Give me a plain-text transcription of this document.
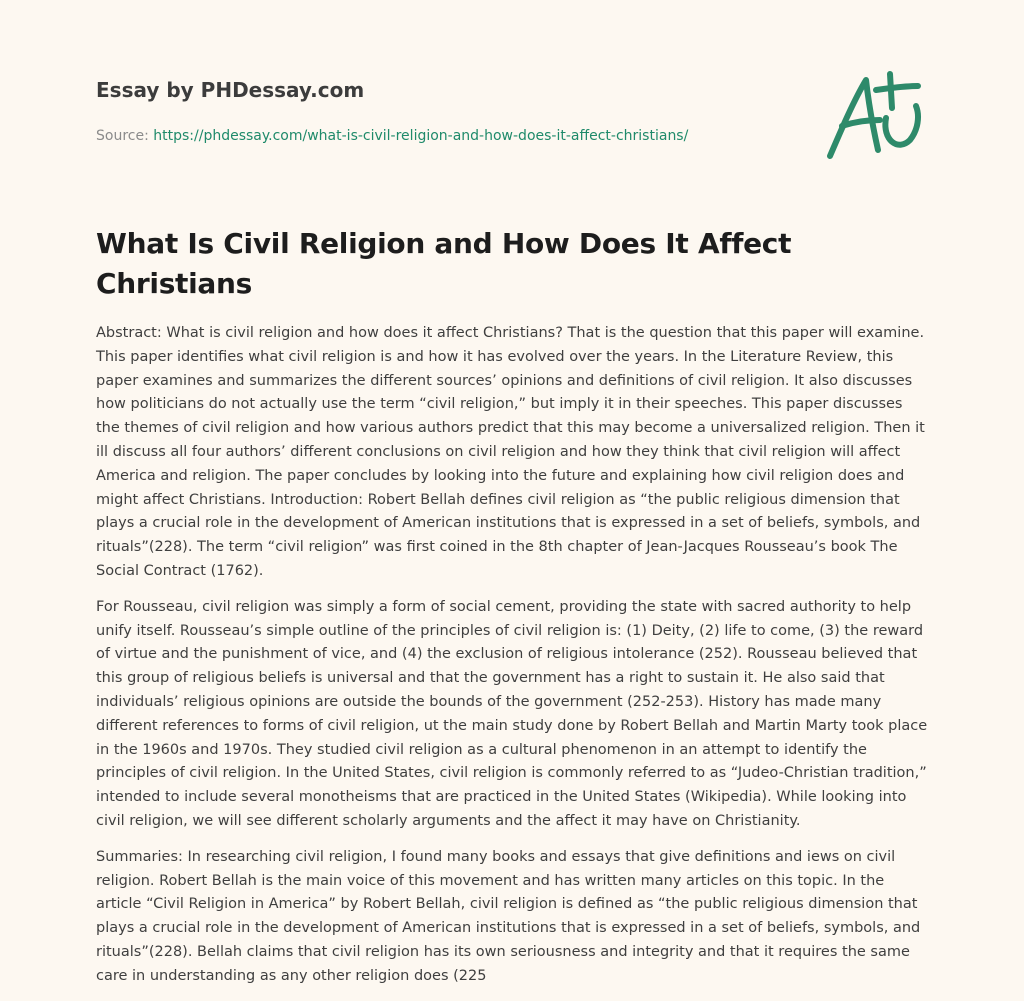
Essay by PHDessay.com
Source: https://phdessay.com/what-is-civil-religion-and-how-does-it-affect-christians/
What Is Civil Religion and How Does It Affect Christians

Abstract: What is civil religion and how does it affect Christians? That is the question that this paper will examine. This paper identifies what civil religion is and how it has evolved over the years. In the Literature Review, this paper examines and summarizes the different sources’ opinions and definitions of civil religion. It also discusses how politicians do not actually use the term “civil religion,” but imply it in their speeches. This paper discusses the themes of civil religion and how various authors predict that this may become a universalized religion. Then it ill discuss all four authors’ different conclusions on civil religion and how they think that civil religion will affect America and religion. The paper concludes by looking into the future and explaining how civil religion does and might affect Christians. Introduction: Robert Bellah defines civil religion as “the public religious dimension that plays a crucial role in the development of American institutions that is expressed in a set of beliefs, symbols, and rituals”(228). The term “civil religion” was first coined in the 8th chapter of Jean-Jacques Rousseau’s book The Social Contract (1762).

For Rousseau, civil religion was simply a form of social cement, providing the state with sacred authority to help unify itself. Rousseau’s simple outline of the principles of civil religion is: (1) Deity, (2) life to come, (3) the reward of virtue and the punishment of vice, and (4) the exclusion of religious intolerance (252). Rousseau believed that this group of religious beliefs is universal and that the government has a right to sustain it. He also said that individuals’ religious opinions are outside the bounds of the government (252-253). History has made many different references to forms of civil religion, ut the main study done by Robert Bellah and Martin Marty took place in the 1960s and 1970s. They studied civil religion as a cultural phenomenon in an attempt to identify the principles of civil religion. In the United States, civil religion is commonly referred to as “Judeo-Christian tradition,” intended to include several monotheisms that are practiced in the United States (Wikipedia). While looking into civil religion, we will see different scholarly arguments and the affect it may have on Christianity.

Summaries: In researching civil religion, I found many books and essays that give definitions and iews on civil religion. Robert Bellah is the main voice of this movement and has written many articles on this topic. In the article “Civil Religion in America” by Robert Bellah, civil religion is defined as “the public religious dimension that plays a crucial role in the development of American institutions that is expressed in a set of beliefs, symbols, and rituals”(228). Bellah claims that civil religion has its own seriousness and integrity and that it requires the same care in understanding as any other religion does (225
